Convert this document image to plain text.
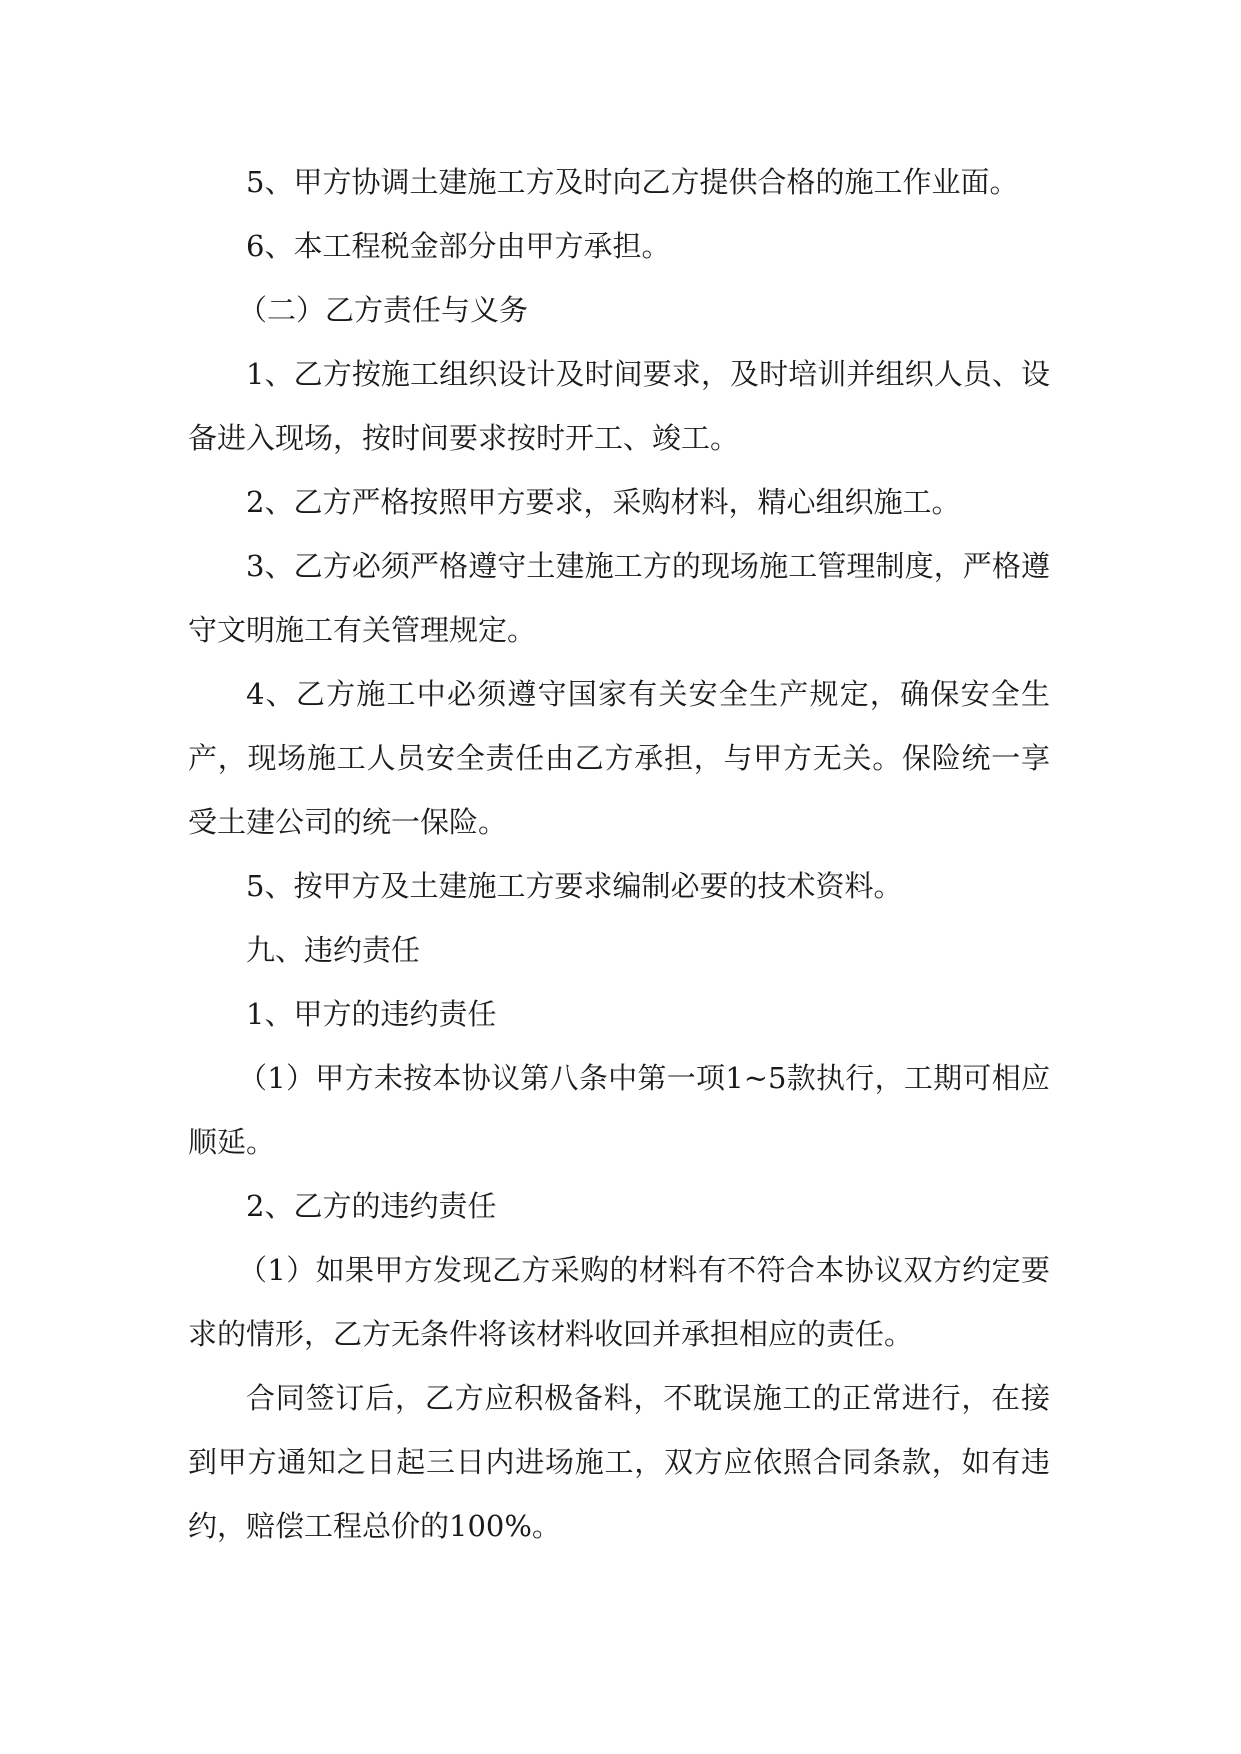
5、甲方协调土建施工方及时向乙方提供合格的施工作业面。

6、本工程税金部分由甲方承担。

（二）乙方责任与义务

1、乙方按施工组织设计及时间要求，及时培训并组织人员、设备进入现场，按时间要求按时开工、竣工。

2、乙方严格按照甲方要求，采购材料，精心组织施工。

3、乙方必须严格遵守土建施工方的现场施工管理制度，严格遵守文明施工有关管理规定。

4、乙方施工中必须遵守国家有关安全生产规定，确保安全生产，现场施工人员安全责任由乙方承担，与甲方无关。保险统一享受土建公司的统一保险。

5、按甲方及土建施工方要求编制必要的技术资料。

九、违约责任

1、甲方的违约责任

（1）甲方未按本协议第八条中第一项1~5款执行，工期可相应顺延。

2、乙方的违约责任

（1）如果甲方发现乙方采购的材料有不符合本协议双方约定要求的情形，乙方无条件将该材料收回并承担相应的责任。

合同签订后，乙方应积极备料，不耽误施工的正常进行，在接到甲方通知之日起三日内进场施工，双方应依照合同条款，如有违约，赔偿工程总价的100%。
